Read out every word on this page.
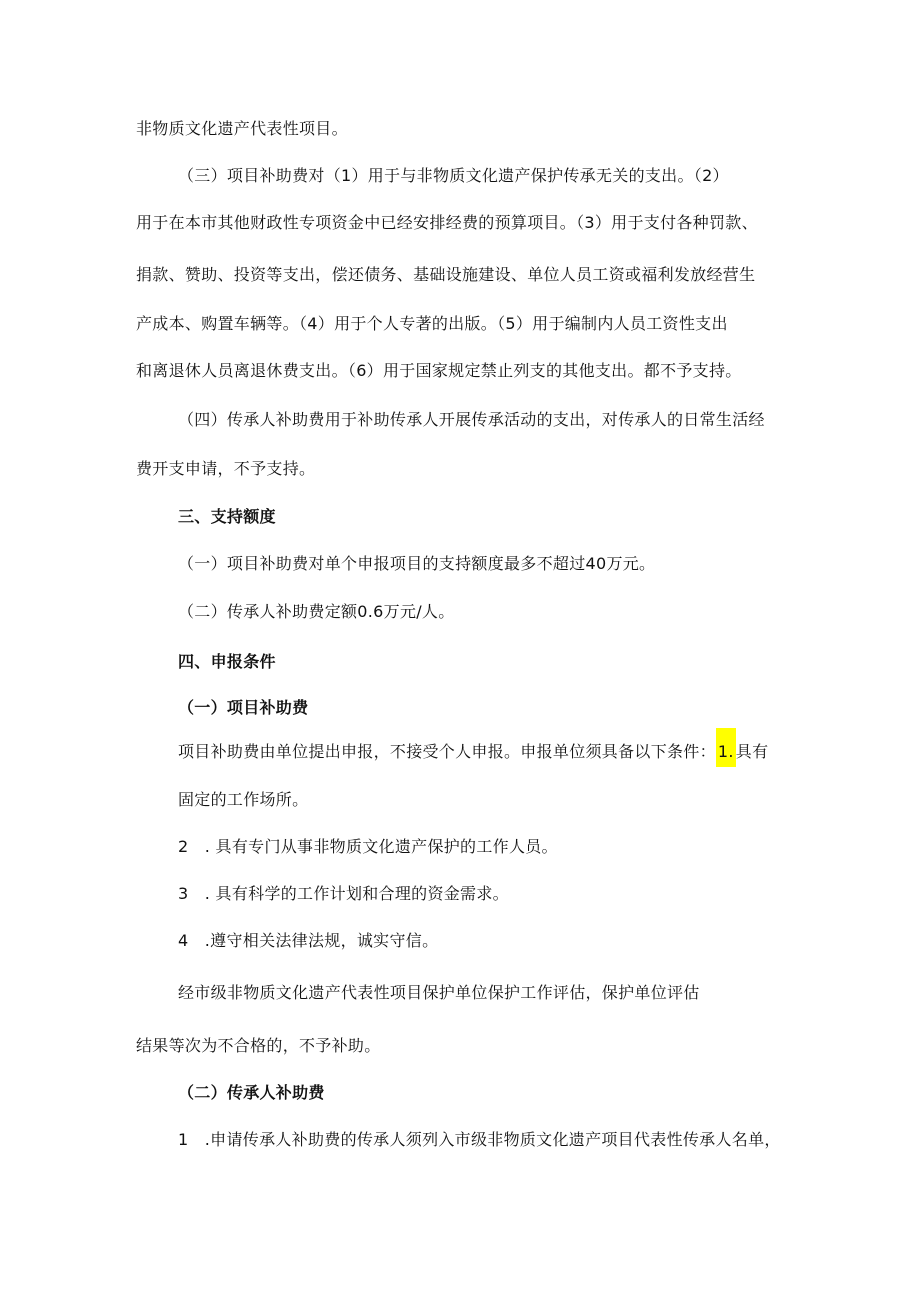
非物质文化遗产代表性项目。
（三）项目补助费对（1）用于与非物质文化遗产保护传承无关的支出。（2）
用于在本市其他财政性专项资金中已经安排经费的预算项目。（3）用于支付各种罚款、
捐款、赞助、投资等支出，偿还债务、基础设施建设、单位人员工资或福利发放经营生
产成本、购置车辆等。（4）用于个人专著的出版。（5）用于编制内人员工资性支出
和离退休人员离退休费支出。（6）用于国家规定禁止列支的其他支出。都不予支持。
（四）传承人补助费用于补助传承人开展传承活动的支出，对传承人的日常生活经
费开支申请，不予支持。
三、支持额度
（一）项目补助费对单个申报项目的支持额度最多不超过40万元。
（二）传承人补助费定额0.6万元/人。
四、申报条件
（一）项目补助费
项目补助费由单位提出申报，不接受个人申报。申报单位须具备以下条件： 1. 具有
固定的工作场所。
2　. 具有专门从事非物质文化遗产保护的工作人员。
3　. 具有科学的工作计划和合理的资金需求。
4　.遵守相关法律法规，诚实守信。
经市级非物质文化遗产代表性项目保护单位保护工作评估，保护单位评估
结果等次为不合格的，不予补助。
（二）传承人补助费
1　.申请传承人补助费的传承人须列入市级非物质文化遗产项目代表性传承人名单，
